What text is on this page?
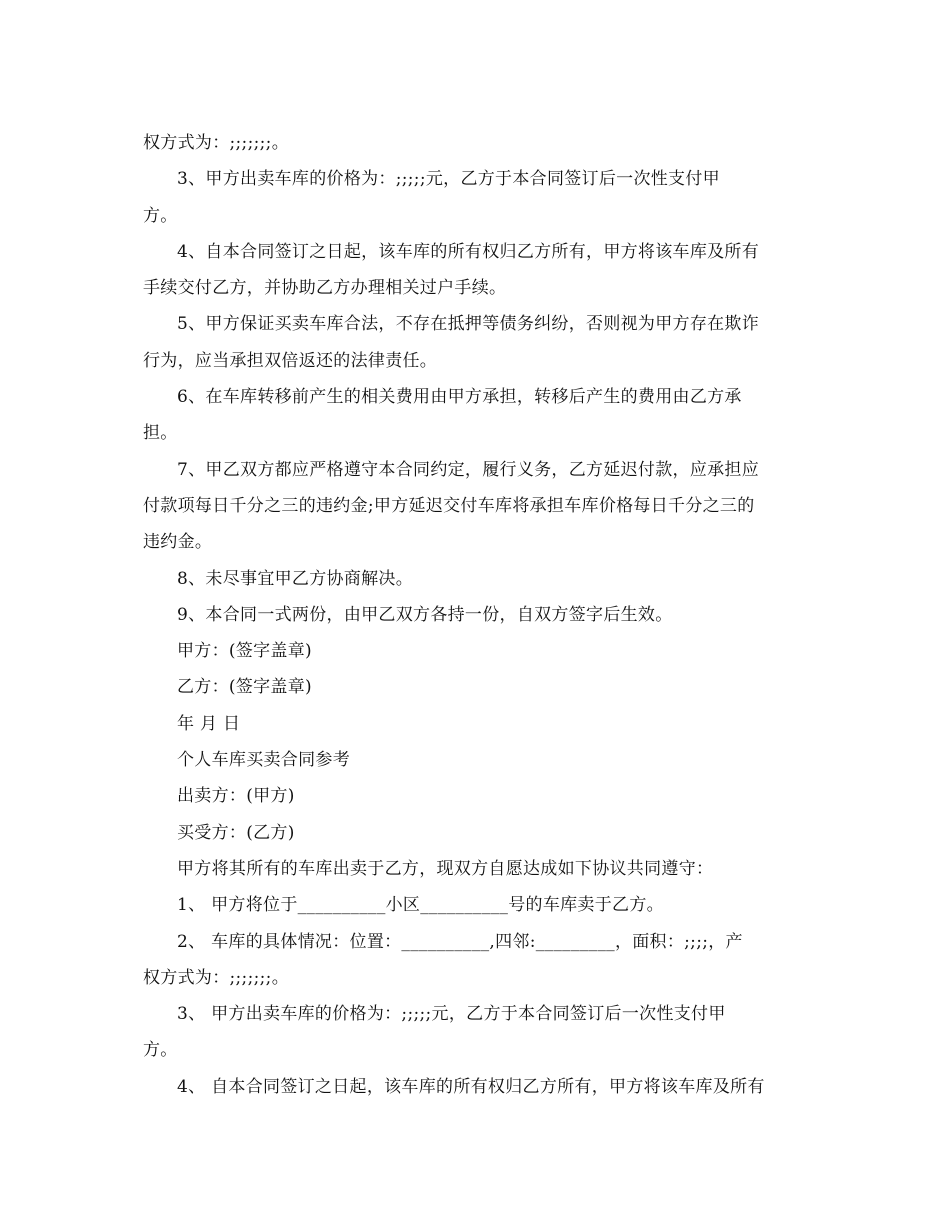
权方式为：;;;;;;;。
3、甲方出卖车库的价格为：;;;;;元，乙方于本合同签订后一次性支付甲
方。
4、自本合同签订之日起，该车库的所有权归乙方所有，甲方将该车库及所有
手续交付乙方，并协助乙方办理相关过户手续。
5、甲方保证买卖车库合法，不存在抵押等债务纠纷，否则视为甲方存在欺诈
行为，应当承担双倍返还的法律责任。
6、在车库转移前产生的相关费用由甲方承担，转移后产生的费用由乙方承
担。
7、甲乙双方都应严格遵守本合同约定，履行义务，乙方延迟付款，应承担应
付款项每日千分之三的违约金;甲方延迟交付车库将承担车库价格每日千分之三的
违约金。
8、未尽事宜甲乙方协商解决。
9、本合同一式两份，由甲乙双方各持一份，自双方签字后生效。
甲方：(签字盖章)
乙方：(签字盖章)
年 月 日
个人车库买卖合同参考
出卖方：(甲方)
买受方：(乙方)
甲方将其所有的车库出卖于乙方，现双方自愿达成如下协议共同遵守：
1、 甲方将位于__________小区__________号的车库卖于乙方。
2、 车库的具体情况：位置：__________,四邻:_________，面积：;;;;，产
权方式为：;;;;;;;。
3、 甲方出卖车库的价格为：;;;;;元，乙方于本合同签订后一次性支付甲
方。
4、 自本合同签订之日起，该车库的所有权归乙方所有，甲方将该车库及所有
